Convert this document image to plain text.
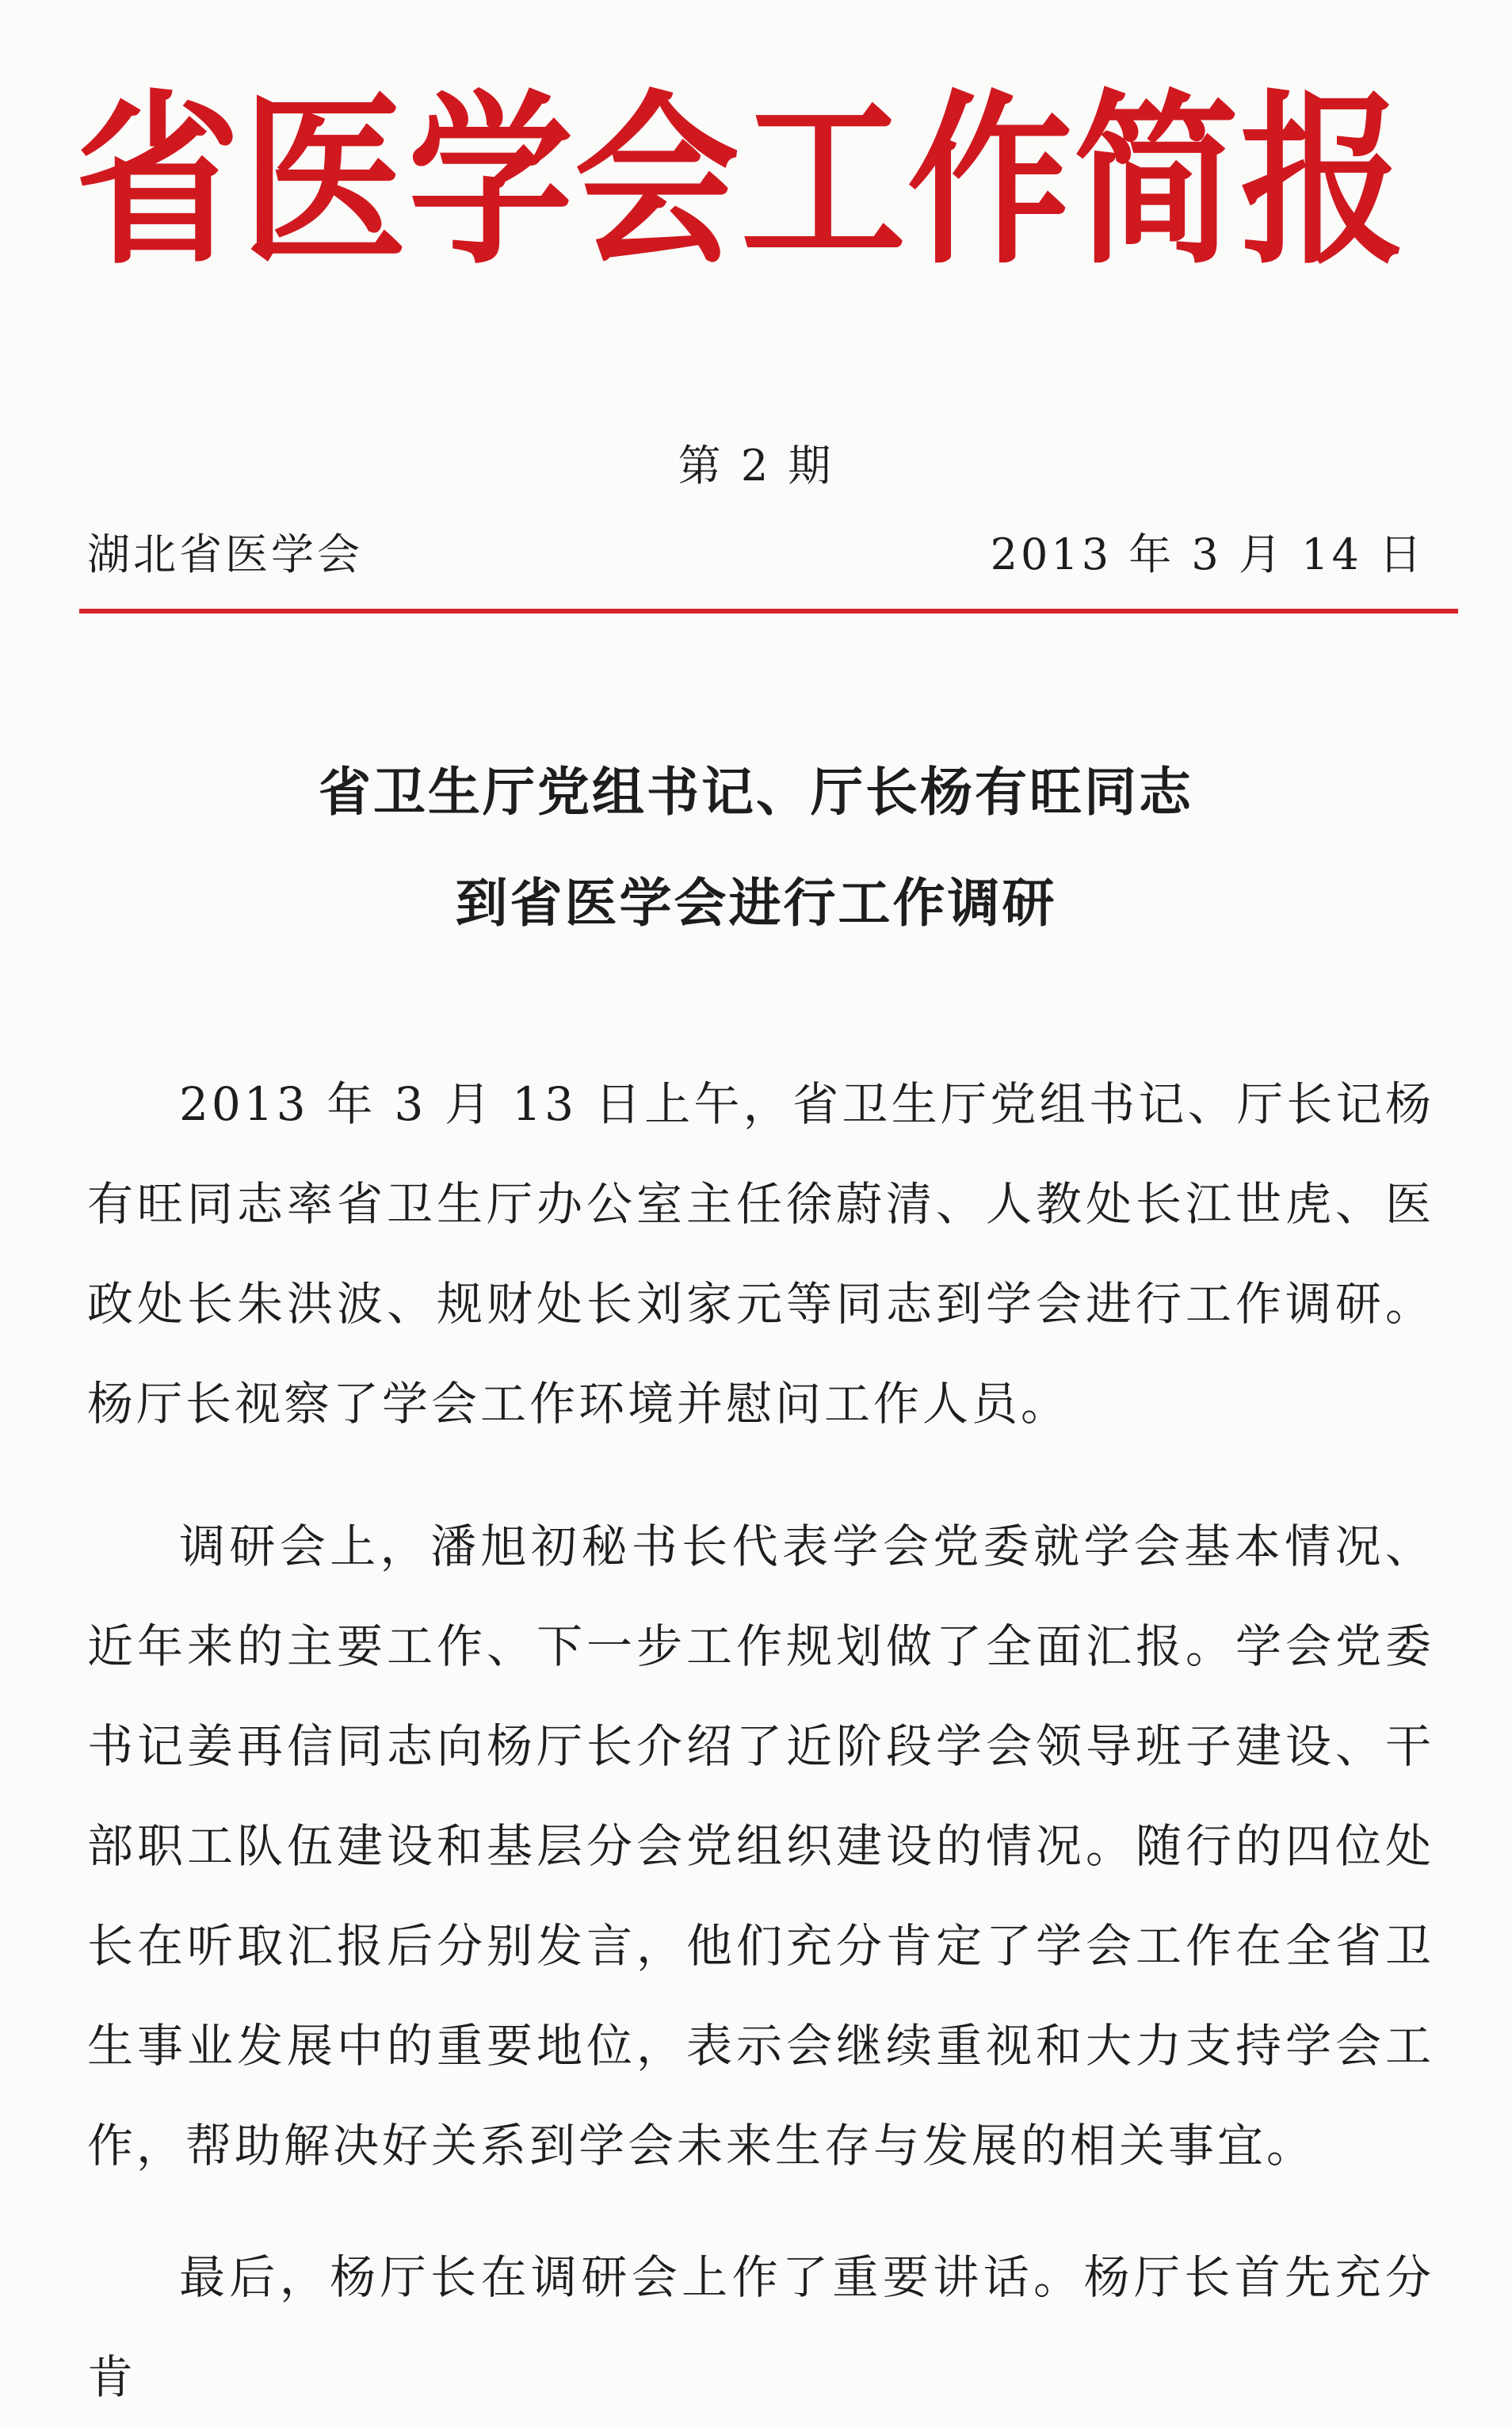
省医学会工作简报
第 2 期
湖北省医学会	2013 年 3 月 14 日
省卫生厅党组书记、厅长杨有旺同志
到省医学会进行工作调研

2013 年 3 月 13 日上午，省卫生厅党组书记、厅长记杨有旺同志率省卫生厅办公室主任徐蔚清、人教处长江世虎、医政处长朱洪波、规财处长刘家元等同志到学会进行工作调研。杨厅长视察了学会工作环境并慰问工作人员。

调研会上，潘旭初秘书长代表学会党委就学会基本情况、近年来的主要工作、下一步工作规划做了全面汇报。学会党委书记姜再信同志向杨厅长介绍了近阶段学会领导班子建设、干部职工队伍建设和基层分会党组织建设的情况。随行的四位处长在听取汇报后分别发言，他们充分肯定了学会工作在全省卫生事业发展中的重要地位，表示会继续重视和大力支持学会工作，帮助解决好关系到学会未来生存与发展的相关事宜。

最后，杨厅长在调研会上作了重要讲话。杨厅长首先充分肯
